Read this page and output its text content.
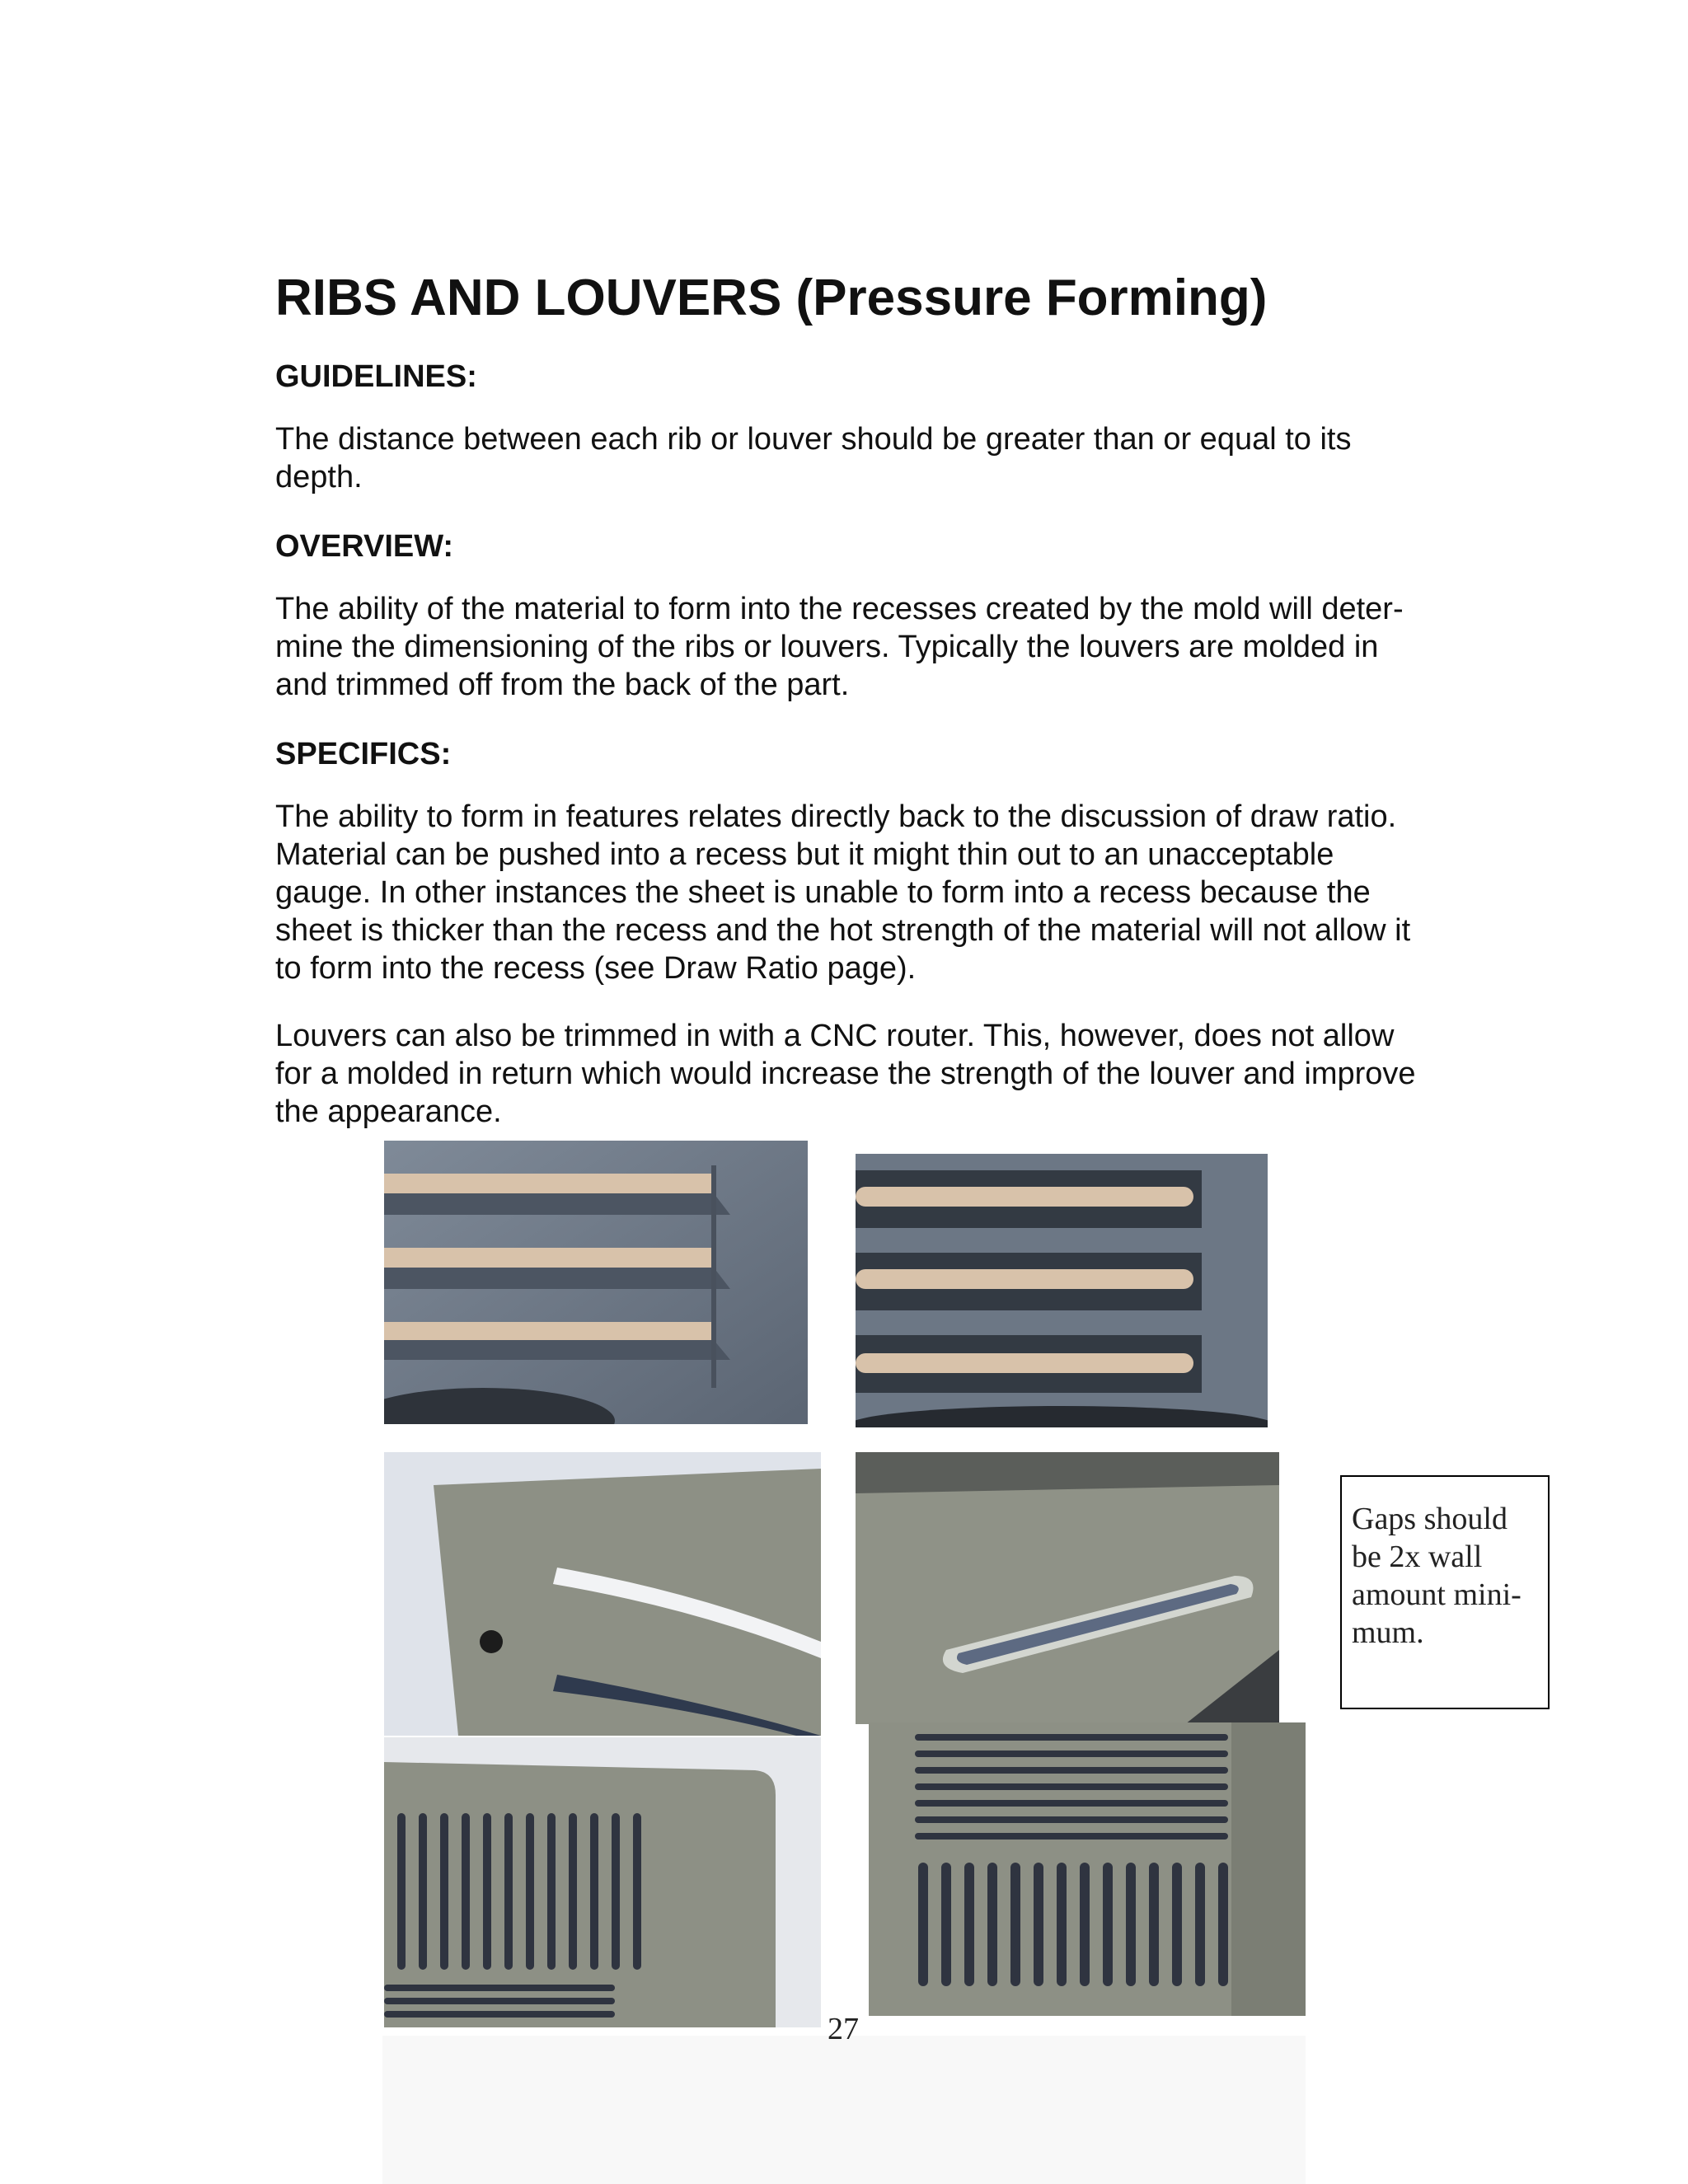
RIBS AND LOUVERS (Pressure Forming)
GUIDELINES:

The distance between each rib or louver should be greater than or equal to its
depth.

OVERVIEW:

The ability of the material to form into the recesses created by the mold will deter-
mine the dimensioning of the ribs or louvers. Typically the louvers are molded in
and trimmed off from the back of the part.

SPECIFICS:

The ability to form in features relates directly back to the discussion of draw ratio.
Material can be pushed into a recess but it might thin out to an unacceptable
gauge. In other instances the sheet is unable to form into a recess because the
sheet is thicker than the recess and the hot strength of the material will not allow it
to form into the recess (see Draw Ratio page).

Louvers can also be trimmed in with a CNC router. This, however, does not allow
for a molded in return which would increase the strength of the louver and improve
the appearance.

Gaps should
be 2x wall
amount mini-
mum.
27
